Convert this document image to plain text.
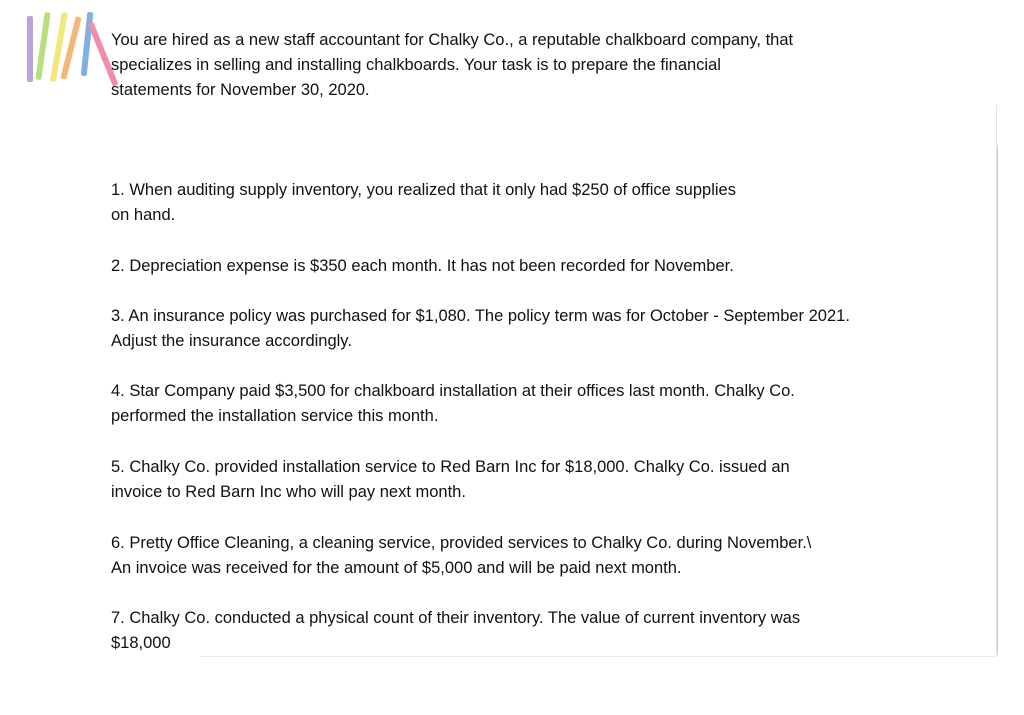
You are hired as a new staff accountant for Chalky Co., a reputable chalkboard company, that
specializes in selling and installing chalkboards. Your task is to prepare the financial
statements for November 30, 2020.

1. When auditing supply inventory, you realized that it only had $250 of office supplies
on hand.

2. Depreciation expense is $350 each month. It has not been recorded for November.

3. An insurance policy was purchased for $1,080. The policy term was for October - September 2021.
Adjust the insurance accordingly.

4. Star Company paid $3,500 for chalkboard installation at their offices last month. Chalky Co.
performed the installation service this month.

5. Chalky Co. provided installation service to Red Barn Inc for $18,000. Chalky Co. issued an
invoice to Red Barn Inc who will pay next month.

6. Pretty Office Cleaning, a cleaning service, provided services to Chalky Co. during November.\
An invoice was received for the amount of $5,000 and will be paid next month.

7. Chalky Co. conducted a physical count of their inventory. The value of current inventory was
$18,000
